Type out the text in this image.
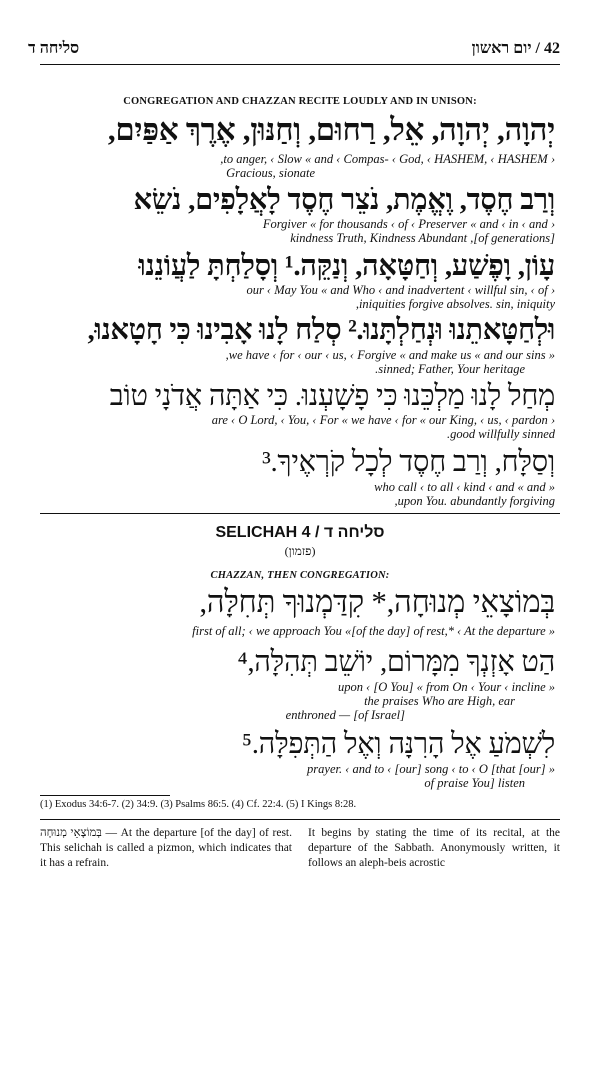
סליחה ד	42 / יום ראשון
CONGREGATION AND CHAZZAN RECITE LOUDLY AND IN UNISON:
יְהוָה, יְהוָה, אֵל, רַחוּם, וְחַנּוּן, אֶרֶךְ אַפַּיִם,
‹ to anger, ‹ Slow « and ‹ Compas- ‹ God, ‹ HASHEM, ‹ HASHEM,
Gracious, sionate
וְרַב חֶסֶד, וֶאֱמֶת, נֹצֵר חֶסֶד לָאֲלָפִים, נֹשֵׂא
‹ Forgiver « for thousands ‹ of ‹ Preserver « and ‹ in ‹ and
[of generations], kindness Truth, Kindness Abundant
עָוֹן, וָפֶשַׁע, וְחַטָּאָה, וְנַקֵּה.¹ וְסָלַחְתָּ לַעֲוֹנֵנוּ
‹ our ‹ May You « and Who ‹ and inadvertent ‹ willful sin, ‹ of
iniquities forgive absolves. sin, iniquity,
וּלְחַטָּאתֵנוּ וּנְחַלְתָּנוּ.² סְלַח לָנוּ אָבִינוּ כִּי חָטָאנוּ,
« we have ‹ for ‹ our ‹ us, ‹ Forgive « and make us « and our sins,
sinned; Father, Your heritage.
מְחַל לָנוּ מַלְכֵּנוּ כִּי פָשָׁעְנוּ. כִּי אַתָּה אֲדֹנָי טוֹב
‹ are ‹ O Lord, ‹ You, ‹ For « we have ‹ for « our King, ‹ us, ‹ pardon
good willfully sinned.
וְסַלָּח, וְרַב חֶסֶד לְכָל קֹרְאֶיךָ.³
« who call ‹ to all ‹ kind ‹ and « and
upon You. abundantly forgiving,
SELICHAH 4 / סליחה ד
(פזמון)
CHAZZAN, THEN CONGREGATION:
בְּמוֹצָאֵי מְנוּחָה,* קִדַּמְנוּךָ תְּחִלָּה,
« first of all; ‹ we approach You «[of the day] of rest,* ‹ At the departure
הַט אָזְנְךָ מִמָּרוֹם, יוֹשֵׁב תְּהִלָּה,⁴
« upon ‹ [O You] « from On ‹ Your ‹ incline
the praises Who are High, ear
[of Israel] — enthroned
לִשְׁמֹעַ אֶל הָרִנָּה וְאֶל הַתְּפִלָּה.⁵
« [our] prayer. ‹ and to ‹ [our] song ‹ to ‹ O [that
of praise You] listen
(1) Exodus 34:6-7. (2) 34:9. (3) Psalms 86:5. (4) Cf. 22:4. (5) I Kings 8:28.
בְּמוֹצָאֵי מְנוּחָה — At the departure [of the day] of rest. This selichah is called a pizmon, which indicates that it has a refrain.
It begins by stating the time of its recital, at the departure of the Sabbath. Anonymously written, it follows an aleph-beis acrostic
